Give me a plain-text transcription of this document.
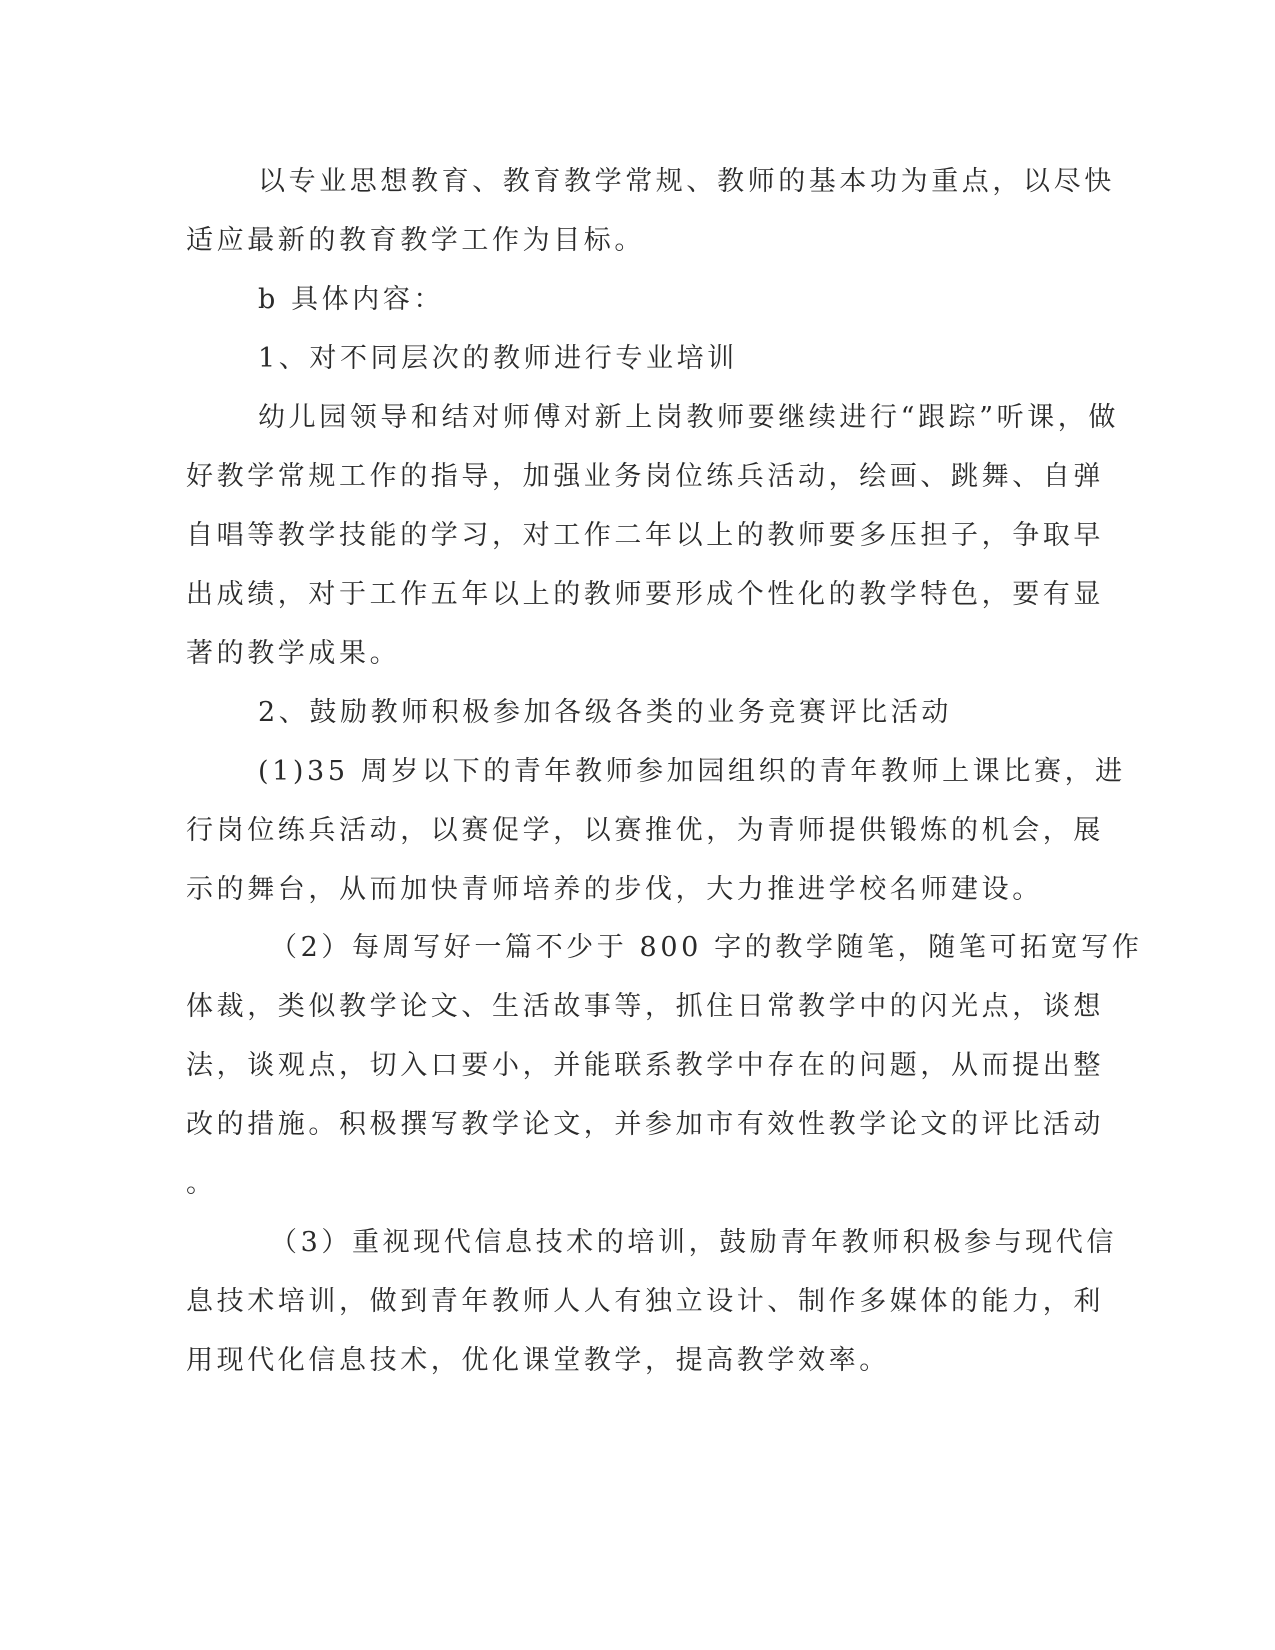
以专业思想教育、教育教学常规、教师的基本功为重点，以尽快
适应最新的教育教学工作为目标。
b 具体内容：
1、对不同层次的教师进行专业培训
幼儿园领导和结对师傅对新上岗教师要继续进行“跟踪”听课，做
好教学常规工作的指导，加强业务岗位练兵活动，绘画、跳舞、自弹
自唱等教学技能的学习，对工作二年以上的教师要多压担子，争取早
出成绩，对于工作五年以上的教师要形成个性化的教学特色，要有显
著的教学成果。
2、鼓励教师积极参加各级各类的业务竞赛评比活动
(1)35 周岁以下的青年教师参加园组织的青年教师上课比赛，进
行岗位练兵活动，以赛促学，以赛推优，为青师提供锻炼的机会，展
示的舞台，从而加快青师培养的步伐，大力推进学校名师建设。
（2）每周写好一篇不少于 800 字的教学随笔，随笔可拓宽写作
体裁，类似教学论文、生活故事等，抓住日常教学中的闪光点，谈想
法，谈观点，切入口要小，并能联系教学中存在的问题，从而提出整
改的措施。积极撰写教学论文，并参加市有效性教学论文的评比活动
。
（3）重视现代信息技术的培训，鼓励青年教师积极参与现代信
息技术培训，做到青年教师人人有独立设计、制作多媒体的能力，利
用现代化信息技术，优化课堂教学，提高教学效率。
